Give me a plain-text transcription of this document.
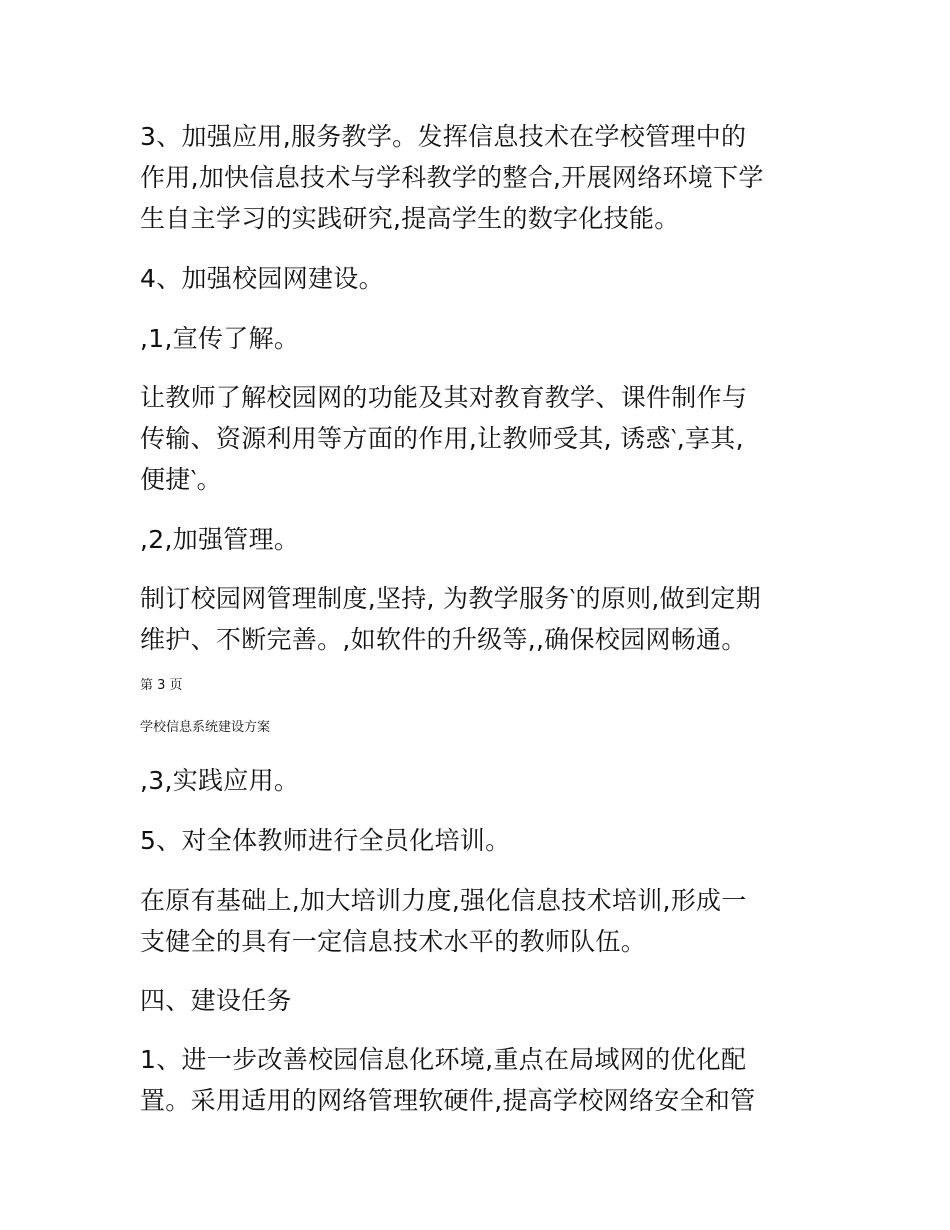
3、加强应用,服务教学。发挥信息技术在学校管理中的

作用,加快信息技术与学科教学的整合,开展网络环境下学

生自主学习的实践研究,提高学生的数字化技能。

4、加强校园网建设。

,1,宣传了解。

让教师了解校园网的功能及其对教育教学、课件制作与

传输、资源利用等方面的作用,让教师受其, 诱惑‵,享其,

便捷‵。

,2,加强管理。

制订校园网管理制度,坚持, 为教学服务‵的原则,做到定期

维护、不断完善。,如软件的升级等,,确保校园网畅通。

第 3 页

学校信息系统建设方案

,3,实践应用。

5、对全体教师进行全员化培训。

在原有基础上,加大培训力度,强化信息技术培训,形成一

支健全的具有一定信息技术水平的教师队伍。

四、建设任务

1、进一步改善校园信息化环境,重点在局域网的优化配

置。采用适用的网络管理软硬件,提高学校网络安全和管
